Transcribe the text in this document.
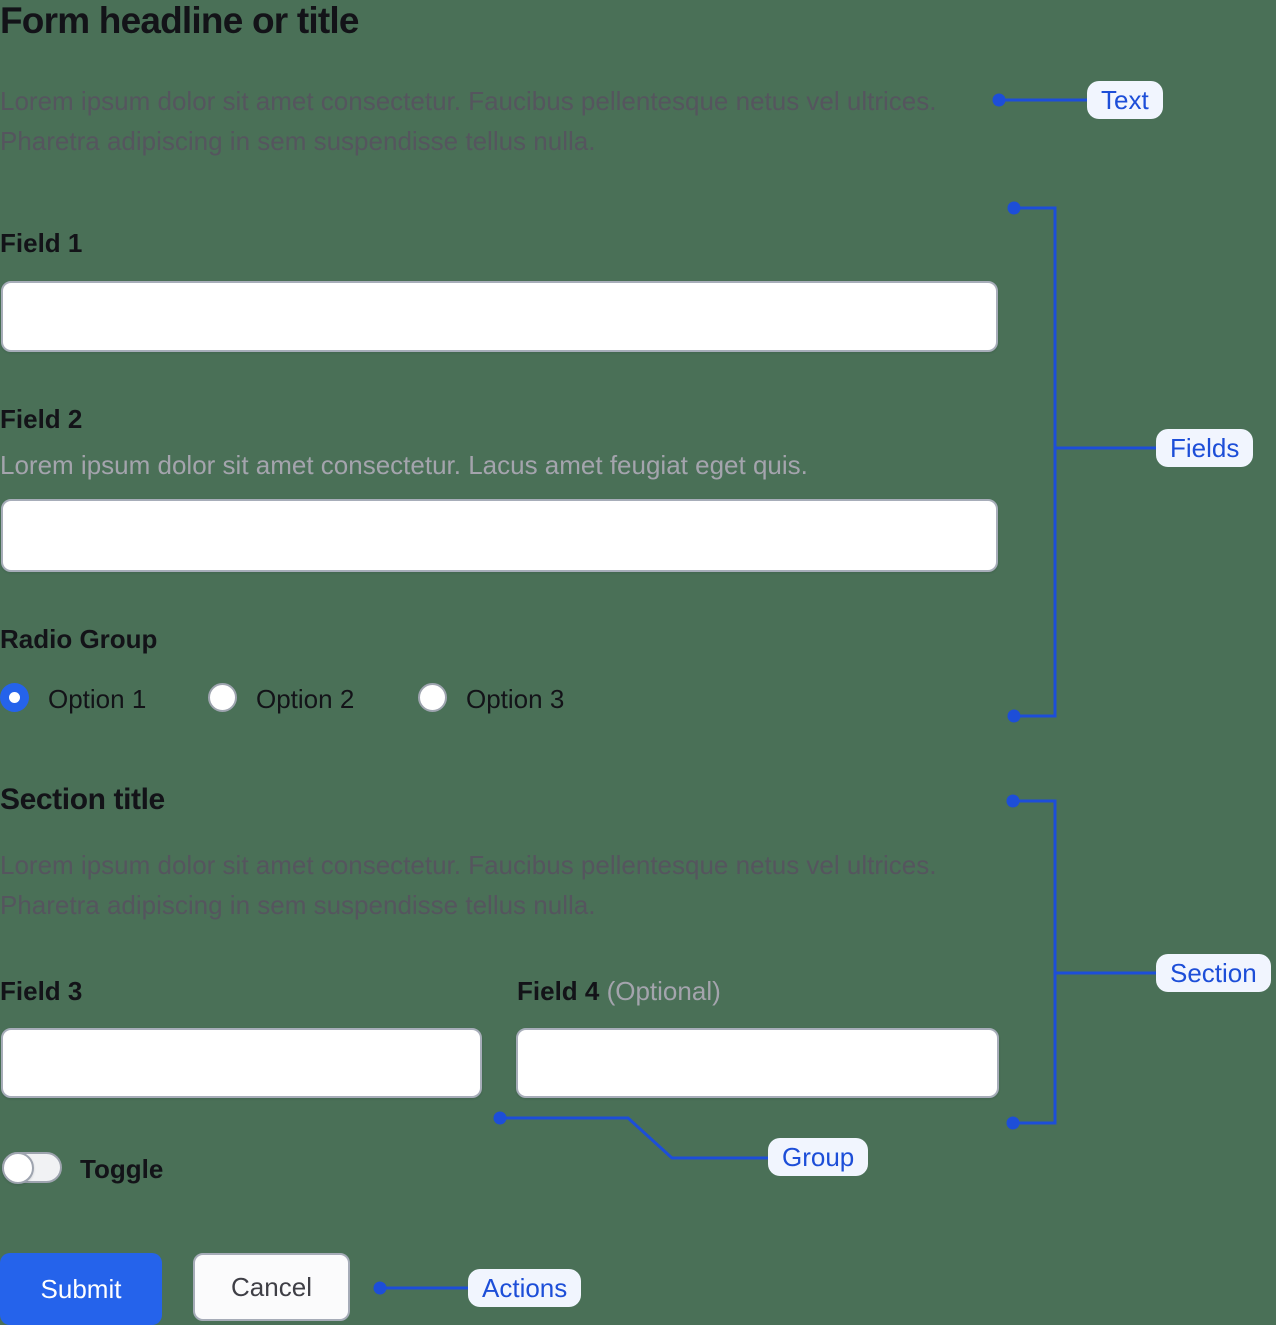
Text
Fields
Section
Group
Actions
Form headline or title

Lorem ipsum dolor sit amet consectetur. Faucibus pellentesque netus vel ultrices. Pharetra adipiscing in sem suspendisse tellus nulla.

Field 1
Field 2
Lorem ipsum dolor sit amet consectetur. Lacus amet feugiat eget quis.
Radio Group
Option 1	Option 2	Option 3
Section title

Lorem ipsum dolor sit amet consectetur. Faucibus pellentesque netus vel ultrices. Pharetra adipiscing in sem suspendisse tellus nulla.

Field 3	Field 4 (Optional)
Toggle
Submit	Cancel
